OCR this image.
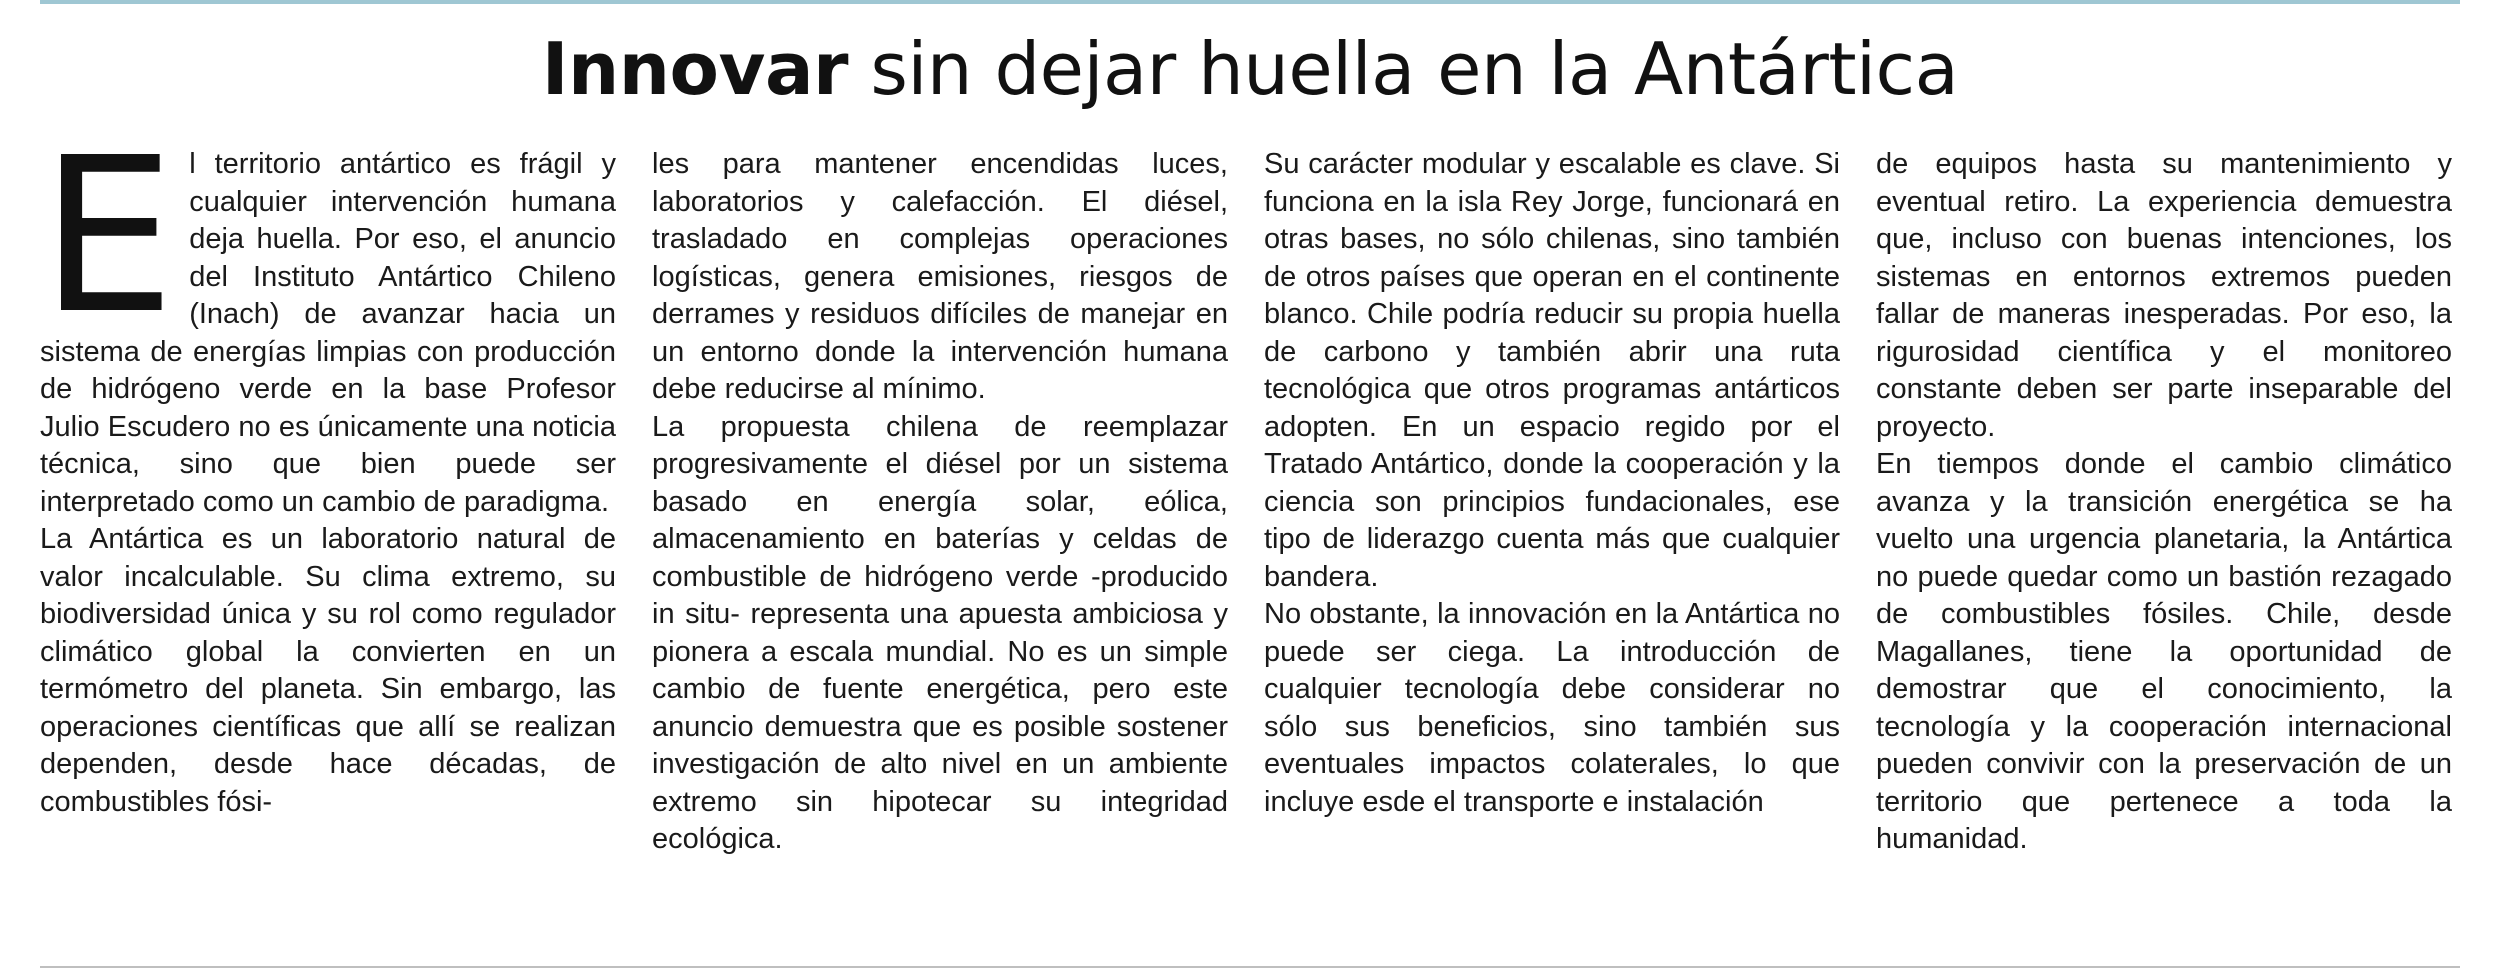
Innovar sin dejar huella en la Antártica
E l territorio antártico es frágil y cualquier intervención humana deja huella. Por eso, el anuncio del Instituto Antártico Chileno (Inach) de avanzar hacia un sistema de energías limpias con producción de hidrógeno verde en la base Profesor Julio Escudero no es únicamente una noticia técnica, sino que bien puede ser interpretado como un cambio de paradigma.

La Antártica es un laboratorio natural de valor incalculable. Su clima extremo, su biodiversidad única y su rol como regulador climático global la convierten en un termómetro del planeta. Sin embargo, las operaciones científicas que allí se realizan dependen, desde hace décadas, de combustibles fósi-

les para mantener encendidas luces, laboratorios y calefacción. El diésel, trasladado en complejas operaciones logísticas, genera emisiones, riesgos de derrames y residuos difíciles de manejar en un entorno donde la intervención humana debe reducirse al mínimo.

La propuesta chilena de reemplazar progresivamente el diésel por un sistema basado en energía solar, eólica, almacenamiento en baterías y celdas de combustible de hidrógeno verde -producido in situ- representa una apuesta ambiciosa y pionera a escala mundial. No es un simple cambio de fuente energética, pero este anuncio demuestra que es posible sostener investigación de alto nivel en un ambiente extremo sin hipotecar su integridad ecológica.

Su carácter modular y escalable es clave. Si funciona en la isla Rey Jorge, funcionará en otras bases, no sólo chilenas, sino también de otros países que operan en el continente blanco. Chile podría reducir su propia huella de carbono y también abrir una ruta tecnológica que otros programas antárticos adopten. En un espacio regido por el Tratado Antártico, donde la cooperación y la ciencia son principios fundacionales, ese tipo de liderazgo cuenta más que cualquier bandera.

No obstante, la innovación en la Antártica no puede ser ciega. La introducción de cualquier tecnología debe considerar no sólo sus beneficios, sino también sus eventuales impactos colaterales, lo que incluye esde el transporte e instalación

de equipos hasta su mantenimiento y eventual retiro. La experiencia demuestra que, incluso con buenas intenciones, los sistemas en entornos extremos pueden fallar de maneras inesperadas. Por eso, la rigurosidad científica y el monitoreo constante deben ser parte inseparable del proyecto.

En tiempos donde el cambio climático avanza y la transición energética se ha vuelto una urgencia planetaria, la Antártica no puede quedar como un bastión rezagado de combustibles fósiles. Chile, desde Magallanes, tiene la oportunidad de demostrar que el conocimiento, la tecnología y la cooperación internacional pueden convivir con la preservación de un territorio que pertenece a toda la humanidad.
